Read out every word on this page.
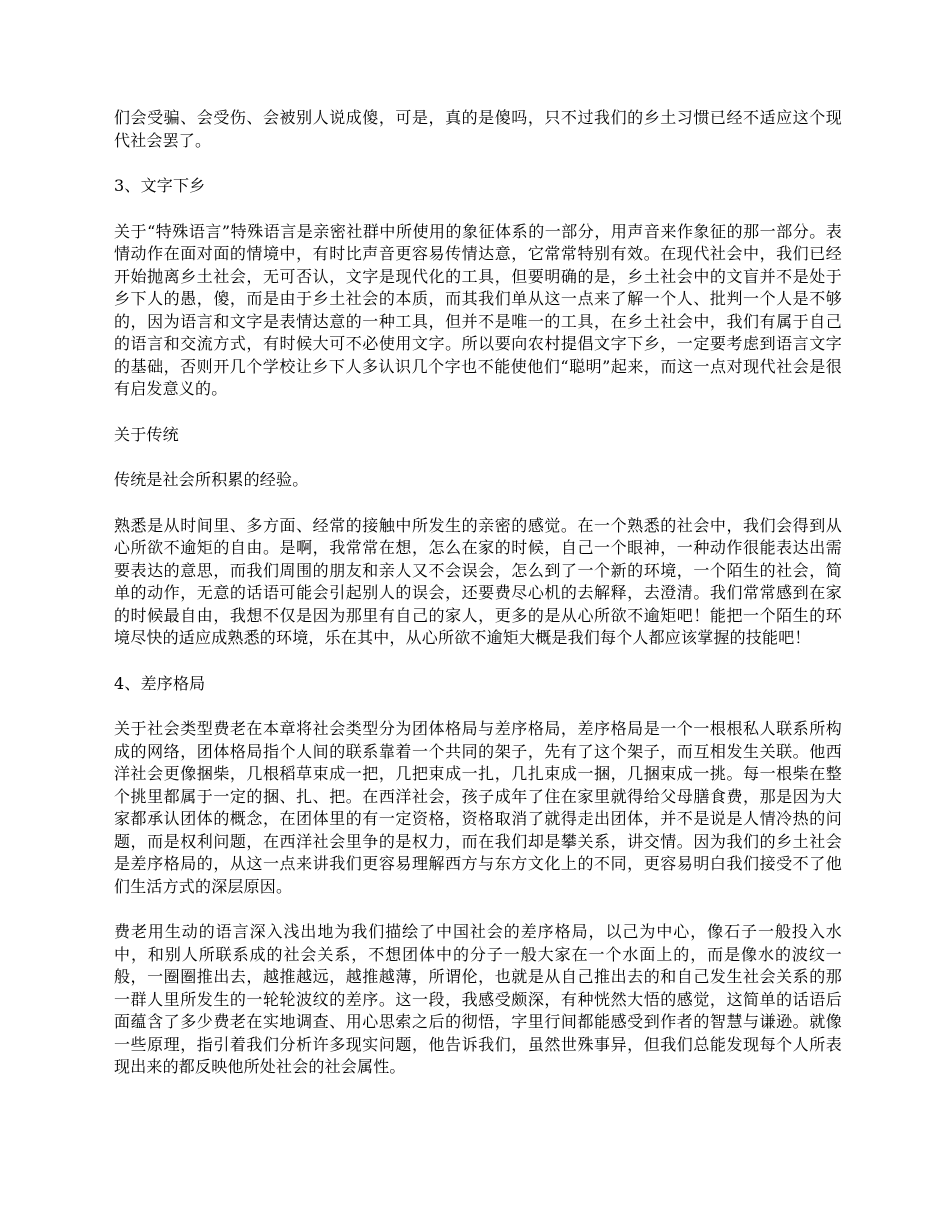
们会受骗、会受伤、会被别人说成傻，可是，真的是傻吗，只不过我们的乡土习惯已经不适应这个现代社会罢了。

3、文字下乡

关于“特殊语言”特殊语言是亲密社群中所使用的象征体系的一部分，用声音来作象征的那一部分。表情动作在面对面的情境中，有时比声音更容易传情达意，它常常特别有效。在现代社会中，我们已经开始抛离乡土社会，无可否认，文字是现代化的工具，但要明确的是，乡土社会中的文盲并不是处于乡下人的愚，傻，而是由于乡土社会的本质，而其我们单从这一点来了解一个人、批判一个人是不够的，因为语言和文字是表情达意的一种工具，但并不是唯一的工具，在乡土社会中，我们有属于自己的语言和交流方式，有时候大可不必使用文字。所以要向农村提倡文字下乡，一定要考虑到语言文字的基础，否则开几个学校让乡下人多认识几个字也不能使他们“聪明”起来，而这一点对现代社会是很有启发意义的。

关于传统

传统是社会所积累的经验。

熟悉是从时间里、多方面、经常的接触中所发生的亲密的感觉。在一个熟悉的社会中，我们会得到从心所欲不逾矩的自由。是啊，我常常在想，怎么在家的时候，自己一个眼神，一种动作很能表达出需要表达的意思，而我们周围的朋友和亲人又不会误会，怎么到了一个新的环境，一个陌生的社会，简单的动作，无意的话语可能会引起别人的误会，还要费尽心机的去解释，去澄清。我们常常感到在家的时候最自由，我想不仅是因为那里有自己的家人，更多的是从心所欲不逾矩吧！能把一个陌生的环境尽快的适应成熟悉的环境，乐在其中，从心所欲不逾矩大概是我们每个人都应该掌握的技能吧！

4、差序格局

关于社会类型费老在本章将社会类型分为团体格局与差序格局，差序格局是一个一根根私人联系所构成的网络，团体格局指个人间的联系靠着一个共同的架子，先有了这个架子，而互相发生关联。他西洋社会更像捆柴，几根稻草束成一把，几把束成一扎，几扎束成一捆，几捆束成一挑。每一根柴在整个挑里都属于一定的捆、扎、把。在西洋社会，孩子成年了住在家里就得给父母膳食费，那是因为大家都承认团体的概念，在团体里的有一定资格，资格取消了就得走出团体，并不是说是人情冷热的问题，而是权利问题，在西洋社会里争的是权力，而在我们却是攀关系，讲交情。因为我们的乡土社会是差序格局的，从这一点来讲我们更容易理解西方与东方文化上的不同，更容易明白我们接受不了他们生活方式的深层原因。

费老用生动的语言深入浅出地为我们描绘了中国社会的差序格局，以己为中心，像石子一般投入水中，和别人所联系成的社会关系，不想团体中的分子一般大家在一个水面上的，而是像水的波纹一般，一圈圈推出去，越推越远，越推越薄，所谓伦，也就是从自己推出去的和自己发生社会关系的那一群人里所发生的一轮轮波纹的差序。这一段，我感受颇深，有种恍然大悟的感觉，这简单的话语后面蕴含了多少费老在实地调查、用心思索之后的彻悟，字里行间都能感受到作者的智慧与谦逊。就像一些原理，指引着我们分析许多现实问题，他告诉我们，虽然世殊事异，但我们总能发现每个人所表现出来的都反映他所处社会的社会属性。
